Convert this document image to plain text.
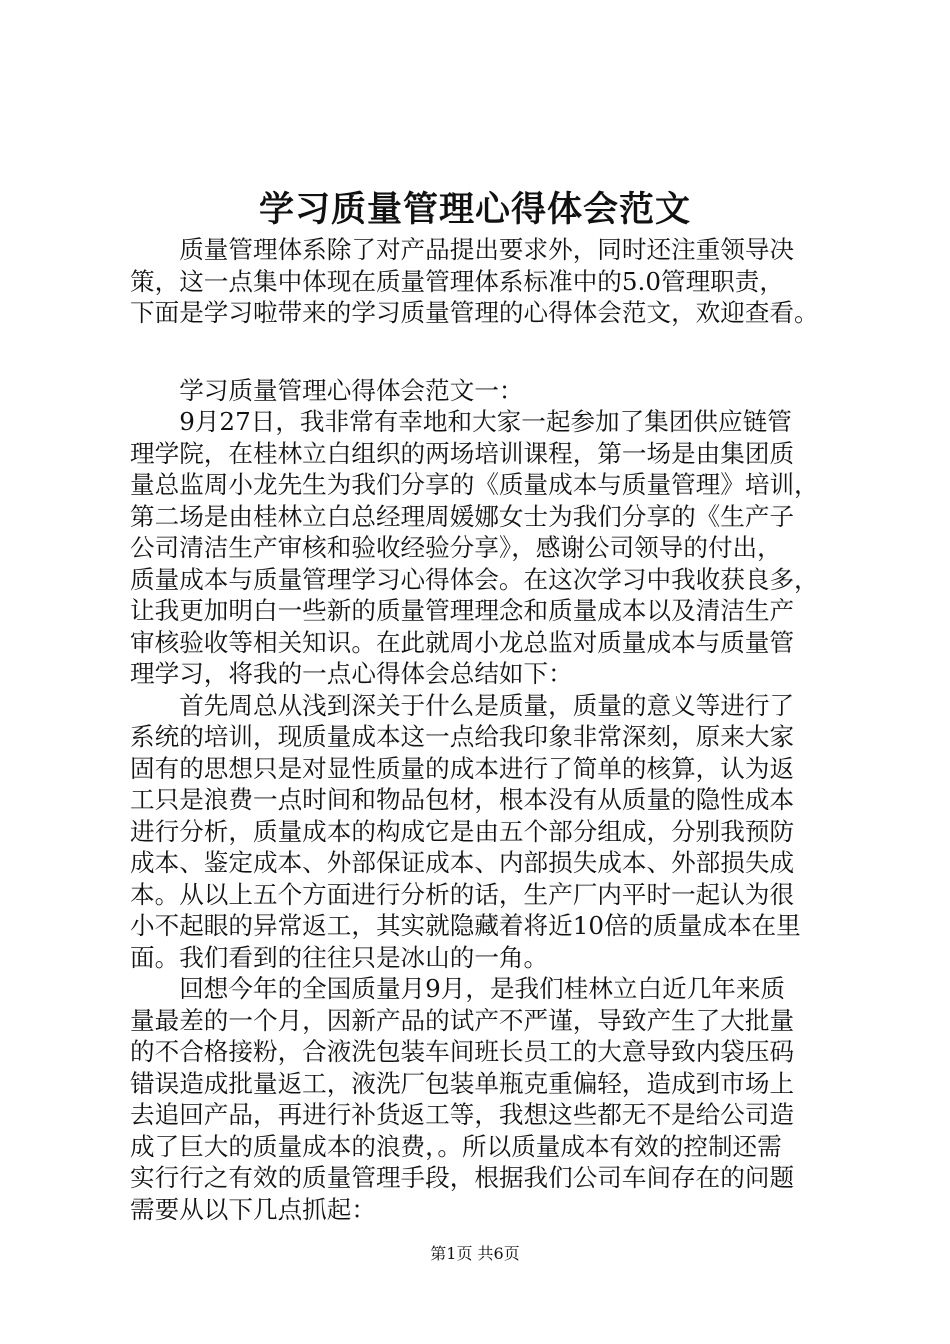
学习质量管理心得体会范文
　　质量管理体系除了对产品提出要求外，同时还注重领导决
策，这一点集中体现在质量管理体系标准中的5.0管理职责，
下面是学习啦带来的学习质量管理的心得体会范文，欢迎查看。
　　学习质量管理心得体会范文一：
　　9月27日，我非常有幸地和大家一起参加了集团供应链管
理学院，在桂林立白组织的两场培训课程，第一场是由集团质
量总监周小龙先生为我们分享的《质量成本与质量管理》培训，
第二场是由桂林立白总经理周媛娜女士为我们分享的《生产子
公司清洁生产审核和验收经验分享》，感谢公司领导的付出，
质量成本与质量管理学习心得体会。在这次学习中我收获良多，
让我更加明白一些新的质量管理理念和质量成本以及清洁生产
审核验收等相关知识。在此就周小龙总监对质量成本与质量管
理学习，将我的一点心得体会总结如下：
　　首先周总从浅到深关于什么是质量，质量的意义等进行了
系统的培训，现质量成本这一点给我印象非常深刻，原来大家
固有的思想只是对显性质量的成本进行了简单的核算，认为返
工只是浪费一点时间和物品包材，根本没有从质量的隐性成本
进行分析，质量成本的构成它是由五个部分组成，分别我预防
成本、鉴定成本、外部保证成本、内部损失成本、外部损失成
本。从以上五个方面进行分析的话，生产厂内平时一起认为很
小不起眼的异常返工，其实就隐藏着将近10倍的质量成本在里
面。我们看到的往往只是冰山的一角。
　　回想今年的全国质量月9月，是我们桂林立白近几年来质
量最差的一个月，因新产品的试产不严谨，导致产生了大批量
的不合格接粉，合液洗包装车间班长员工的大意导致内袋压码
错误造成批量返工，液洗厂包装单瓶克重偏轻，造成到市场上
去追回产品，再进行补货返工等，我想这些都无不是给公司造
成了巨大的质量成本的浪费，。所以质量成本有效的控制还需
实行行之有效的质量管理手段，根据我们公司车间存在的问题
需要从以下几点抓起：
第1页 共6页
